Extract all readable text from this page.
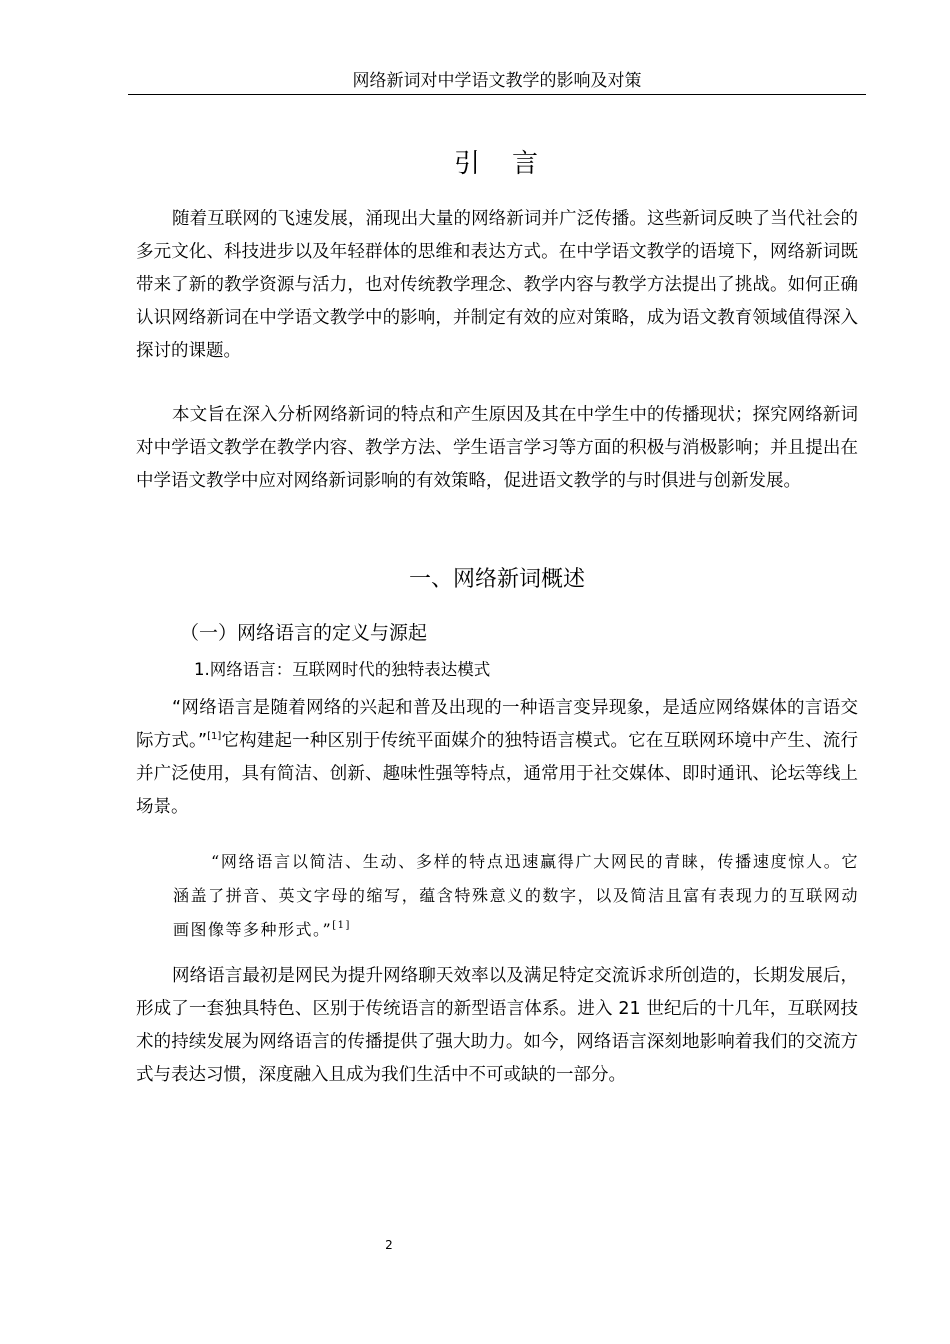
网络新词对中学语文教学的影响及对策
引 言

随着互联网的飞速发展，涌现出大量的网络新词并广泛传播。这些新词反映了当代社会的多元文化、科技进步以及年轻群体的思维和表达方式。在中学语文教学的语境下，网络新词既带来了新的教学资源与活力，也对传统教学理念、教学内容与教学方法提出了挑战。如何正确认识网络新词在中学语文教学中的影响，并制定有效的应对策略，成为语文教育领域值得深入探讨的课题。

本文旨在深入分析网络新词的特点和产生原因及其在中学生中的传播现状；探究网络新词对中学语文教学在教学内容、教学方法、学生语言学习等方面的积极与消极影响；并且提出在中学语文教学中应对网络新词影响的有效策略，促进语文教学的与时俱进与创新发展。

一、网络新词概述
（一）网络语言的定义与源起
1.网络语言：互联网时代的独特表达模式

“网络语言是随着网络的兴起和普及出现的一种语言变异现象，是适应网络媒体的言语交际方式。”[1]它构建起一种区别于传统平面媒介的独特语言模式。它在互联网环境中产生、流行并广泛使用，具有简洁、创新、趣味性强等特点，通常用于社交媒体、即时通讯、论坛等线上场景。

“网络语言以简洁、生动、多样的特点迅速赢得广大网民的青睐，传播速度惊人。它涵盖了拼音、英文字母的缩写，蕴含特殊意义的数字，以及简洁且富有表现力的互联网动画图像等多种形式。”[1]

网络语言最初是网民为提升网络聊天效率以及满足特定交流诉求所创造的，长期发展后，形成了一套独具特色、区别于传统语言的新型语言体系。进入 21 世纪后的十几年，互联网技术的持续发展为网络语言的传播提供了强大助力。如今，网络语言深刻地影响着我们的交流方式与表达习惯，深度融入且成为我们生活中不可或缺的一部分。

2
